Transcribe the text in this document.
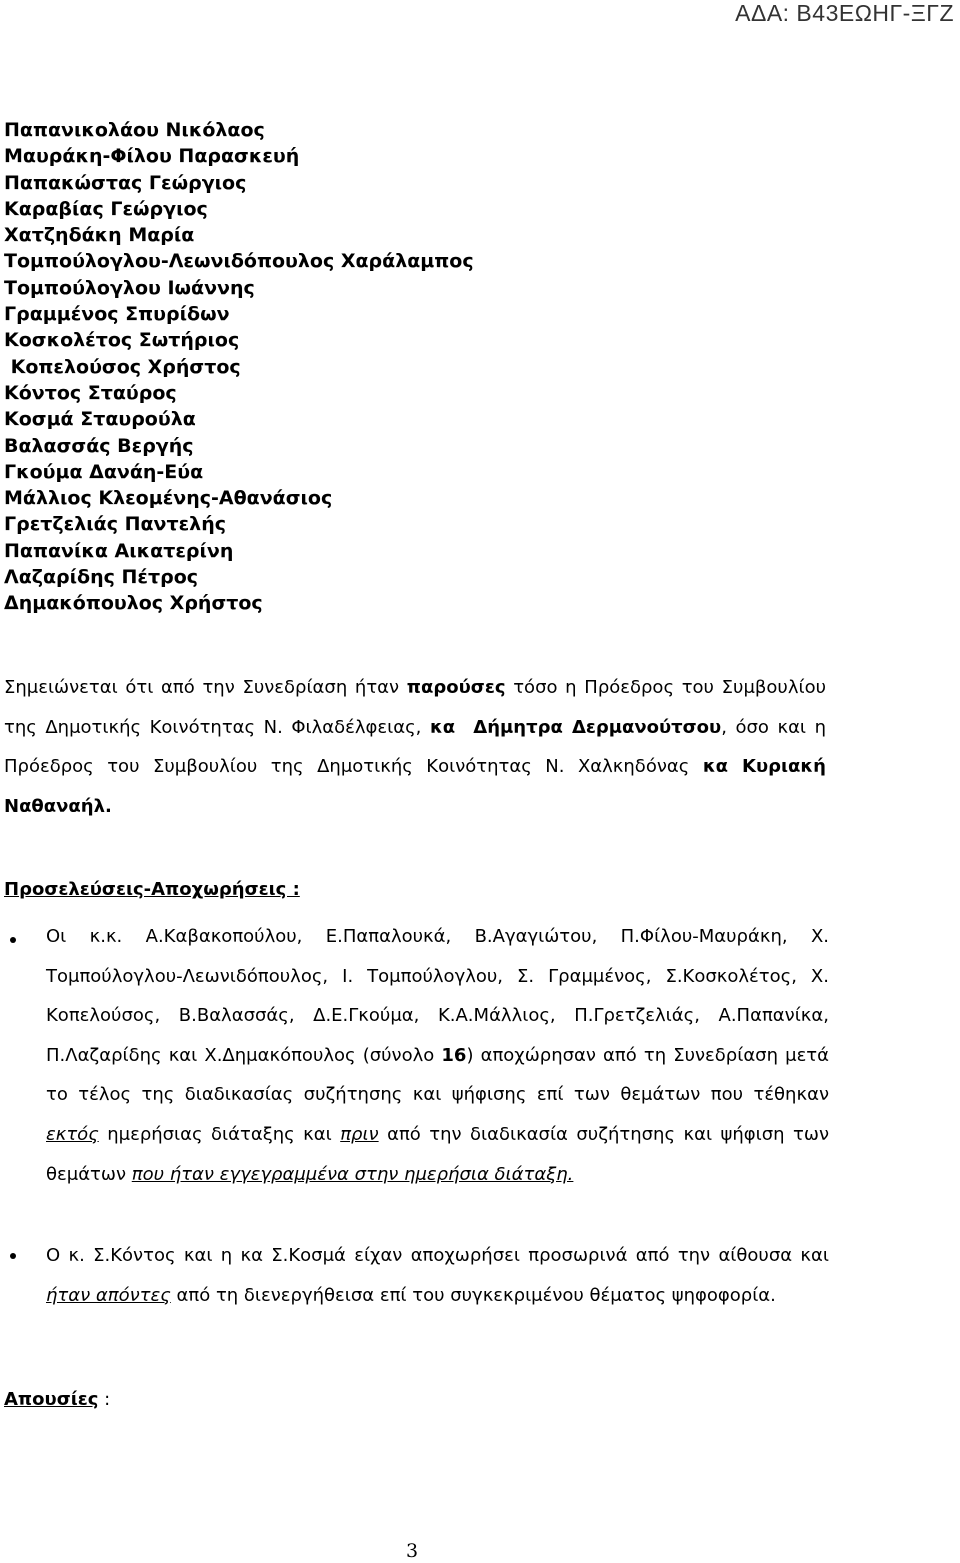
ΑΔΑ: Β43ΕΩΗΓ-ΞΓΖ
Παπανικολάου Νικόλαος
Μαυράκη-Φίλου Παρασκευή
Παπακώστας Γεώργιος
Καραβίας Γεώργιος
Χατζηδάκη Μαρία
Τομπούλογλου-Λεωνιδόπουλος Χαράλαμπος
Τομπούλογλου Ιωάννης
Γραμμένος Σπυρίδων
Κοσκολέτος Σωτήριος
Κοπελούσος Χρήστος
Κόντος Σταύρος
Κοσμά Σταυρούλα
Βαλασσάς Βεργής
Γκούμα Δανάη-Εύα
Μάλλιος Κλεομένης-Αθανάσιος
Γρετζελιάς Παντελής
Παπανίκα Αικατερίνη
Λαζαρίδης Πέτρος
Δημακόπουλος Χρήστος

Σημειώνεται ότι από την Συνεδρίαση ήταν παρούσες τόσο η Πρόεδρος του Συμβουλίου της Δημοτικής Κοινότητας Ν. Φιλαδέλφειας, κα  Δήμητρα Δερμανούτσου, όσο και η Πρόεδρος του Συμβουλίου της Δημοτικής Κοινότητας Ν. Χαλκηδόνας κα Κυριακή Ναθαναήλ.

Προσελεύσεις-Αποχωρήσεις :

Οι κ.κ. Α.Καβακοπούλου, Ε.Παπαλουκά, Β.Αγαγιώτου, Π.Φίλου-Μαυράκη, Χ. Τομπούλογλου-Λεωνιδόπουλος, Ι. Τομπούλογλου, Σ. Γραμμένος, Σ.Κοσκολέτος, Χ. Κοπελούσος, Β.Βαλασσάς, Δ.Ε.Γκούμα, Κ.Α.Μάλλιος, Π.Γρετζελιάς, Α.Παπανίκα, Π.Λαζαρίδης και Χ.Δημακόπουλος (σύνολο 16) αποχώρησαν από τη Συνεδρίαση μετά το τέλος της διαδικασίας συζήτησης και ψήφισης επί των θεμάτων που τέθηκαν εκτός ημερήσιας διάταξης και πριν από την διαδικασία συζήτησης και ψήφιση των θεμάτων που ήταν εγγεγραμμένα στην ημερήσια διάταξη.

Ο κ. Σ.Κόντος και η κα Σ.Κοσμά είχαν αποχωρήσει προσωρινά από την αίθουσα και ήταν απόντες από τη διενεργήθεισα επί του συγκεκριμένου θέματος ψηφοφορία.

Απουσίες :
3
